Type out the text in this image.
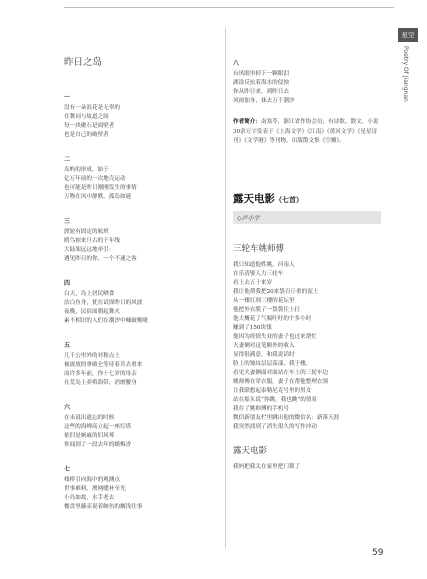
昨日之岛
一
没有一朵浪花是无辜的
在舞词与故道之间
每一块礁石是面壁者
也是自己的破壁者
二
岛屿的形成，始于
亿万年前的一次地壳运动
也可能是昨日刚刚发生的事情
万物在风中静默，孤岛如谜
三
渡轮有固定的航班
鸥鸟掠来旦古的千年线
大陆架远远地牵引：
遇见昨日的你、一个不速之客
四
白天，岛上居民晒食
沽白鱼身，犹在试探昨日的风波
夜晚，民宿面朝起舞火
素不相识的人们在潮汐中喊破喉咙
五
几千公里外的对称点上
被流放的拿破仑等待着昔去重来
而许多年前，你十七岁的母亲
在荒岛上养殖海带，消磨腰身
六
在未说出遗忘的时候
这些的海岬高立起一座灯塔
依旧是厮戚的旧风琴
你闻到了一段去年的蜡梅香
七
栈桥引向海中的观测点
世事难料，渔网缝补至光
小岛如故，水手老去
餐盘里藤壶说着鲸鱼的搁浅往事
八
台风眼里掉下一颗眼泪
湖涂反抗着海水的侵蚀
你从昨日来，到昨日去
风雨加身，抹去万千潮汐
作者简介：南塞苓，浙江省作协会员，有诗歌、散文、小说30余万字发表于《上海文学》《江南》《黄河文学》《星星诗刊》《文学港》等刊物，出版散文集《空瓣》。
露天电影（七首）
◇卢小宇
三轮车姚师傅
我只知道他姓姚，河南人
在乐清娶人力三轮车
看上去五十来岁
我让他帮我把20来袋百斤重的泥土
从一楼扛到三楼的花坛里
他把外衣脱了一袋袋往上扛
他大概花了气喘吁吁的个多小时
赚到了150块钱
他因为疫情失业的妻子也过来帮忙
夫妻俩对这笔额外的收入
显得很满意，和我说话时
脸上的皱纹层层荡漾，我于楼，
看见夫妻俩面对面站在车上的三轮车边
姚师傅在穿衣服，妻子在帮他整理衣领
让我联想起泰勒尼克号里的男女
站在船头说“你跳，我也跳”的情景
我存了姚师傅的手机号
微信新朋友栏里跳出他的微信名：新落天涯
我突然找到了消失很久的写作冲动
露天电影
我妈把我关在家里把门锁了
星空
Poetry Of Jiangnan
59
